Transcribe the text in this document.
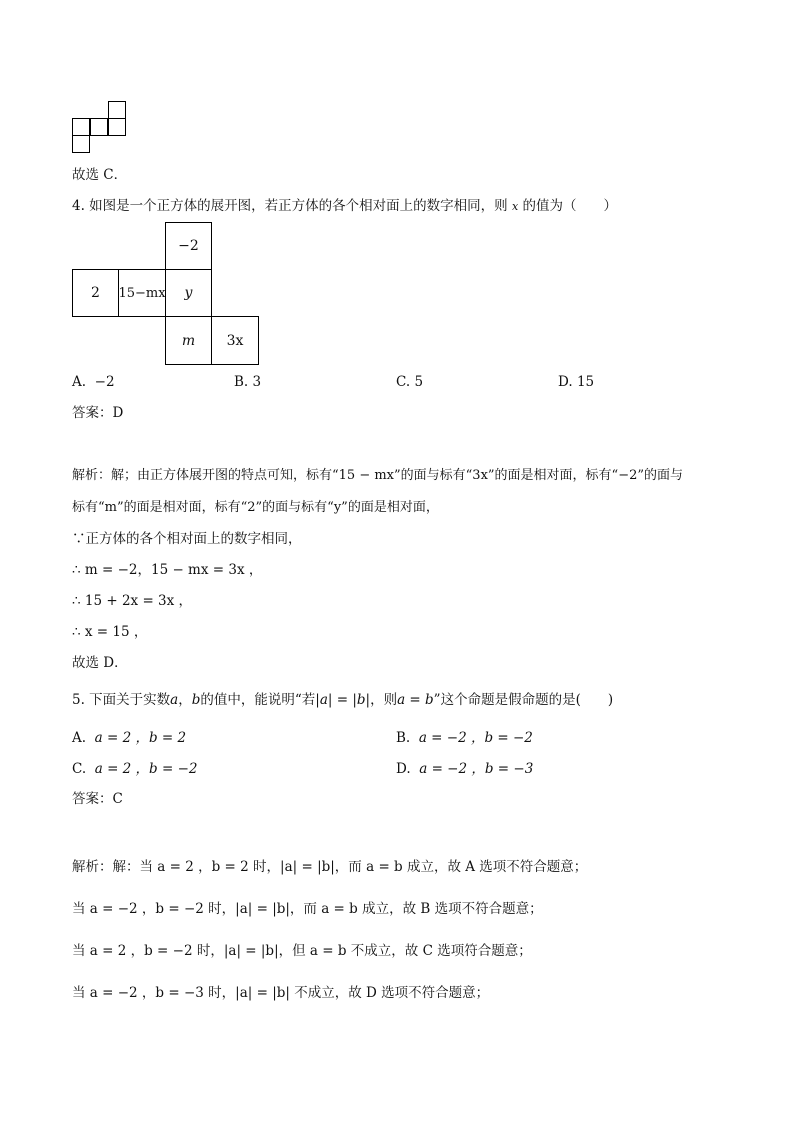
故选 C．
4. 如图是一个正方体的展开图，若正方体的各个相对面上的数字相同，则 x 的值为（　　）
−2
2	15−mx	y
m	3x
A. −2	B. 3	C. 5	D. 15
答案：D
解析：解；由正方体展开图的特点可知，标有“15 − mx”的面与标有“3x”的面是相对面，标有“−2”的面与
标有“m”的面是相对面，标有“2”的面与标有“y”的面是相对面，
∵正方体的各个相对面上的数字相同，
∴ m = −2，15 − mx = 3x ，
∴ 15 + 2x = 3x ，
∴ x = 15 ，
故选 D．
5. 下面关于实数a，b的值中，能说明“若|a| = |b|，则a = b”这个命题是假命题的是(　　)
A. a = 2 ，b = 2	B. a = −2 ，b = −2
C. a = 2 ，b = −2	D. a = −2 ，b = −3
答案：C
解析：解：当 a = 2 ，b = 2 时，|a| = |b|，而 a = b 成立，故 A 选项不符合题意；
当 a = −2 ，b = −2 时，|a| = |b|，而 a = b 成立，故 B 选项不符合题意；
当 a = 2 ，b = −2 时，|a| = |b|，但 a = b 不成立，故 C 选项符合题意；
当 a = −2 ，b = −3 时，|a| = |b| 不成立，故 D 选项不符合题意；
